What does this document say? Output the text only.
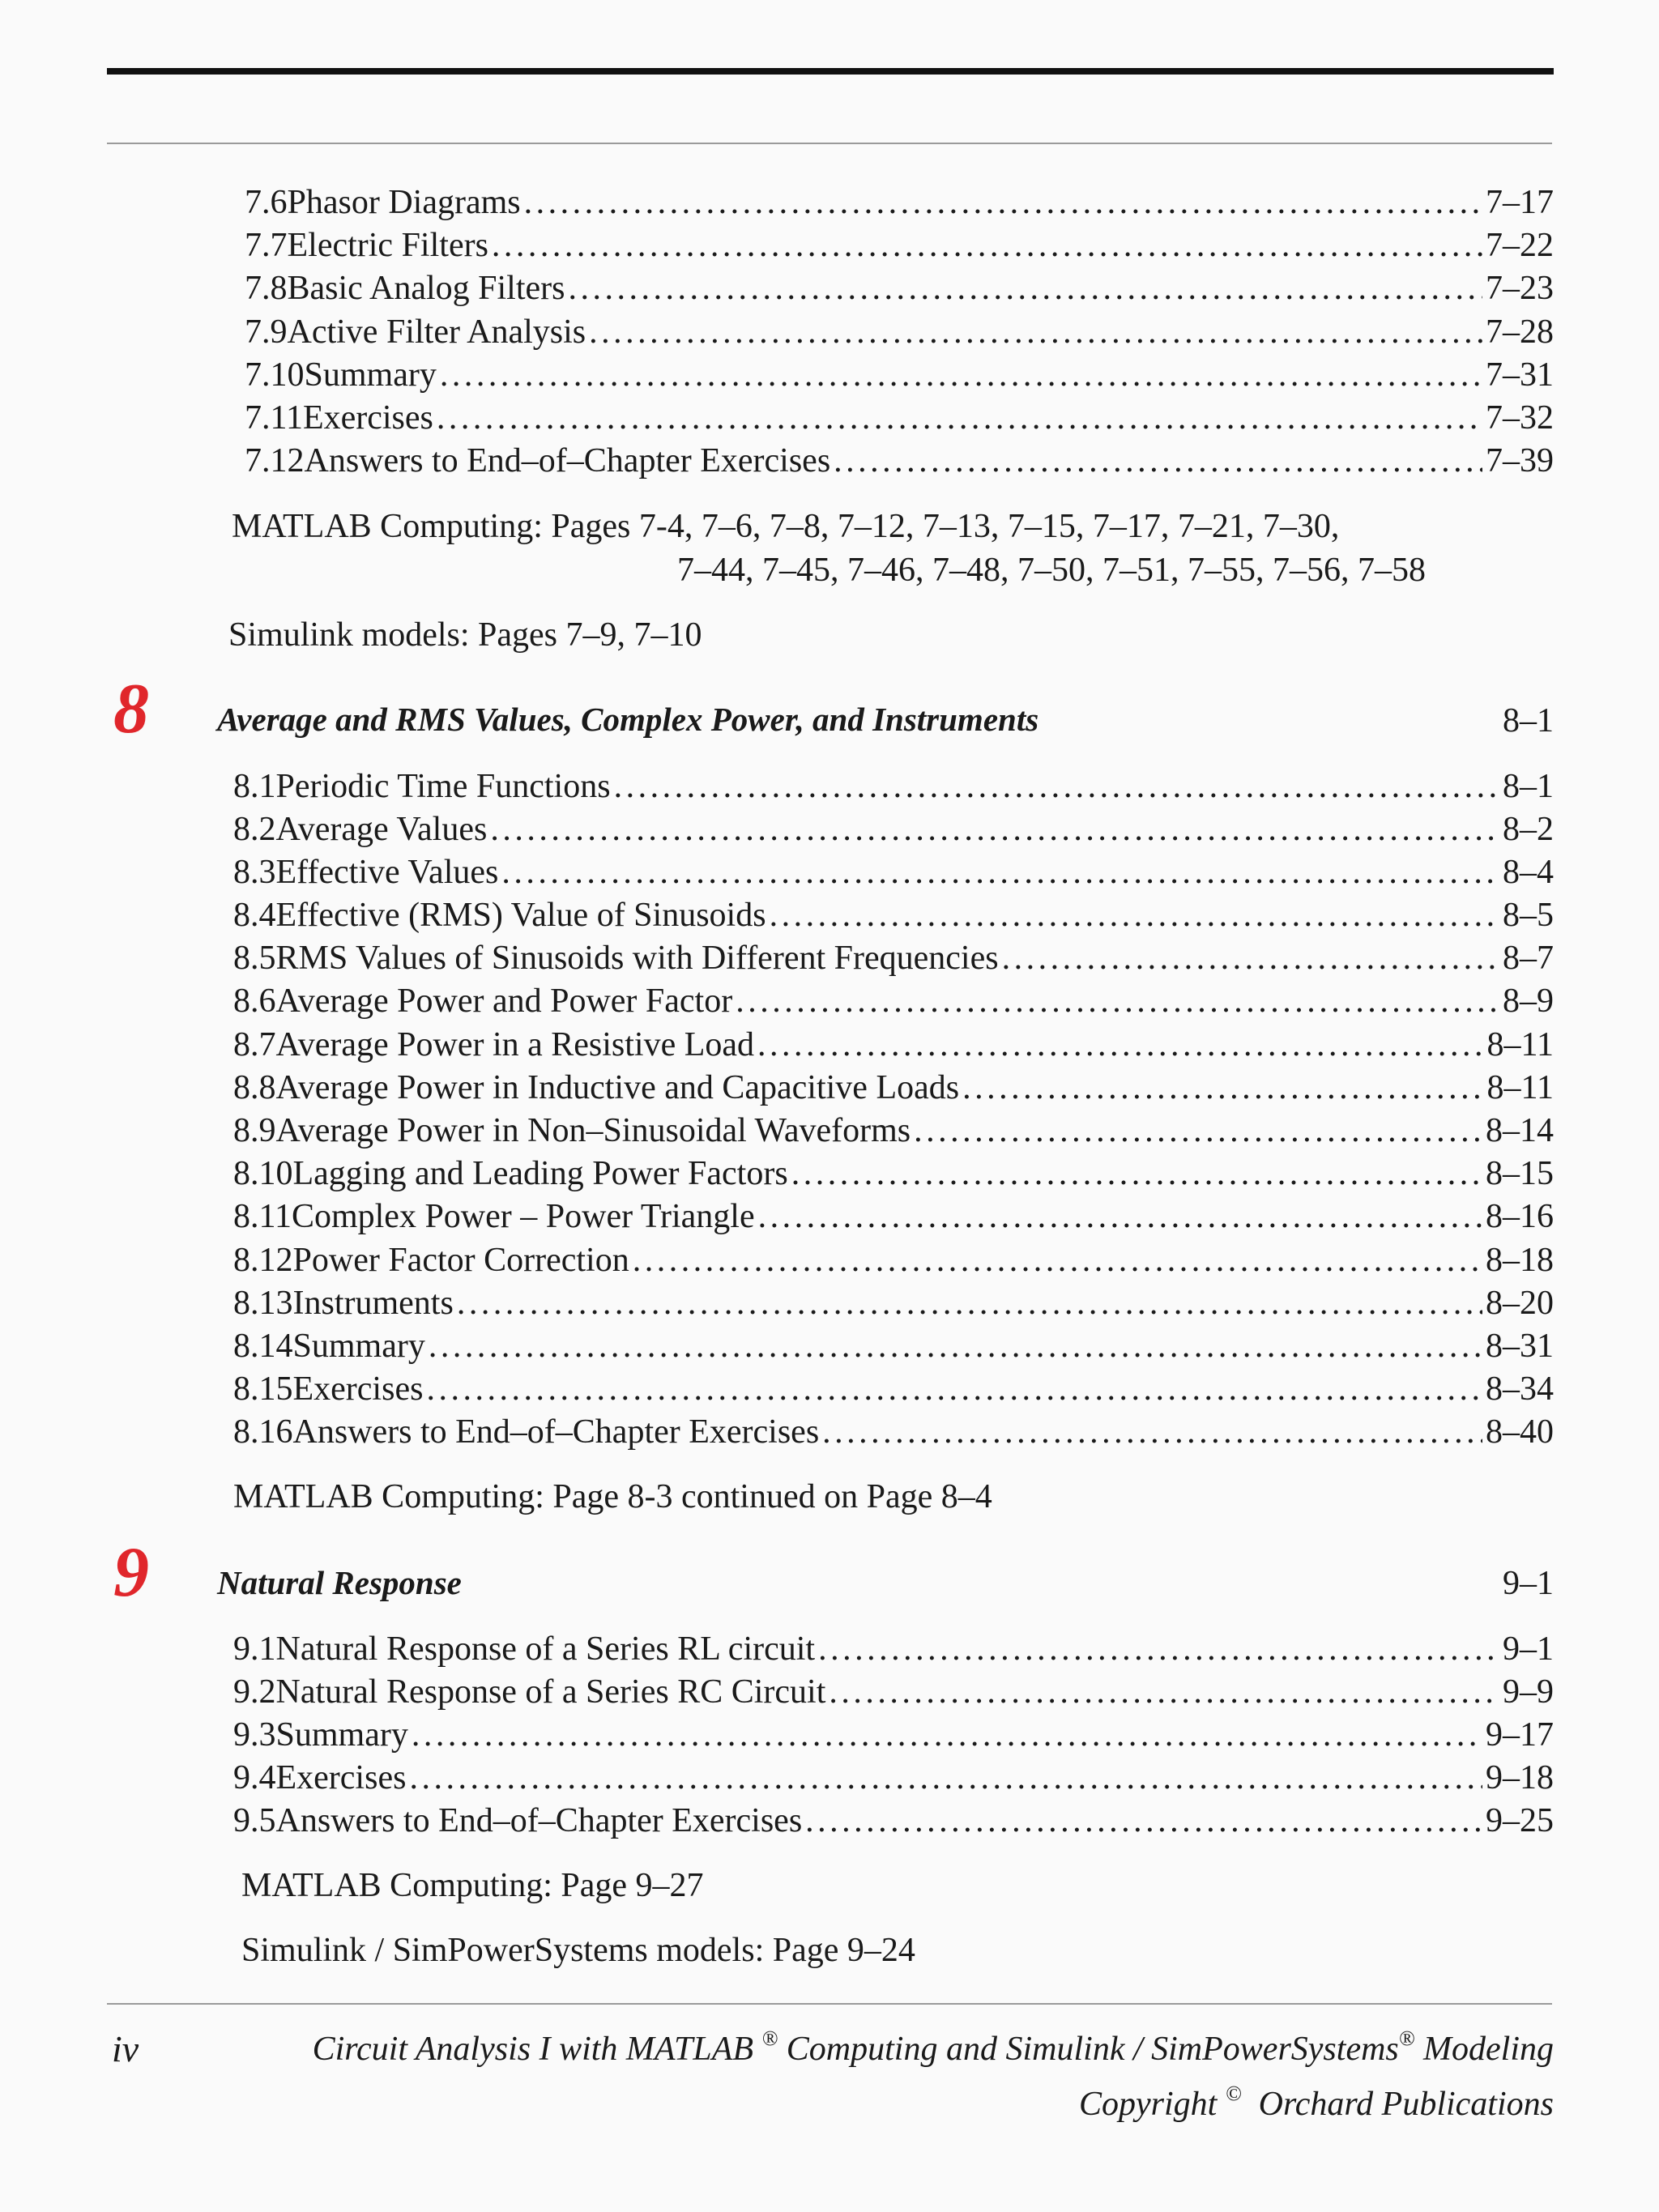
7.6 Phasor Diagrams . . .	7–17
7.7 Electric Filters . . .	7–22
7.8 Basic Analog Filters . . .	7–23
7.9 Active Filter Analysis . . .	7–28
7.10 Summary . . .	7–31
7.11 Exercises . . .	7–32
7.12 Answers to End–of–Chapter Exercises . . .	7–39
MATLAB Computing: Pages 7-4, 7–6, 7–8, 7–12, 7–13, 7–15, 7–17, 7–21, 7–30,
7–44, 7–45, 7–46, 7–48, 7–50, 7–51, 7–55, 7–56, 7–58
Simulink models: Pages 7–9, 7–10
8 Average and RMS Values, Complex Power, and Instruments	8–1
8.1 Periodic Time Functions . . .	8–1
8.2 Average Values . . .	8–2
8.3 Effective Values . . .	8–4
8.4 Effective (RMS) Value of Sinusoids . . .	8–5
8.5 RMS Values of Sinusoids with Different Frequencies . . .	8–7
8.6 Average Power and Power Factor . . .	8–9
8.7 Average Power in a Resistive Load . . .	8–11
8.8 Average Power in Inductive and Capacitive Loads . . .	8–11
8.9 Average Power in Non–Sinusoidal Waveforms . . .	8–14
8.10 Lagging and Leading Power Factors . . .	8–15
8.11 Complex Power – Power Triangle . . .	8–16
8.12 Power Factor Correction . . .	8–18
8.13 Instruments . . .	8–20
8.14 Summary . . .	8–31
8.15 Exercises . . .	8–34
8.16 Answers to End–of–Chapter Exercises . . .	8–40
MATLAB Computing: Page 8-3 continued on Page 8–4
9 Natural Response	9–1
9.1 Natural Response of a Series RL circuit . . .	9–1
9.2 Natural Response of a Series RC Circuit . . .	9–9
9.3 Summary . . .	9–17
9.4 Exercises . . .	9–18
9.5 Answers to End–of–Chapter Exercises . . .	9–25
MATLAB Computing: Page 9–27
Simulink / SimPowerSystems models: Page 9–24
iv	Circuit Analysis I with MATLAB ® Computing and Simulink / SimPowerSystems® Modeling
Copyright © Orchard Publications
